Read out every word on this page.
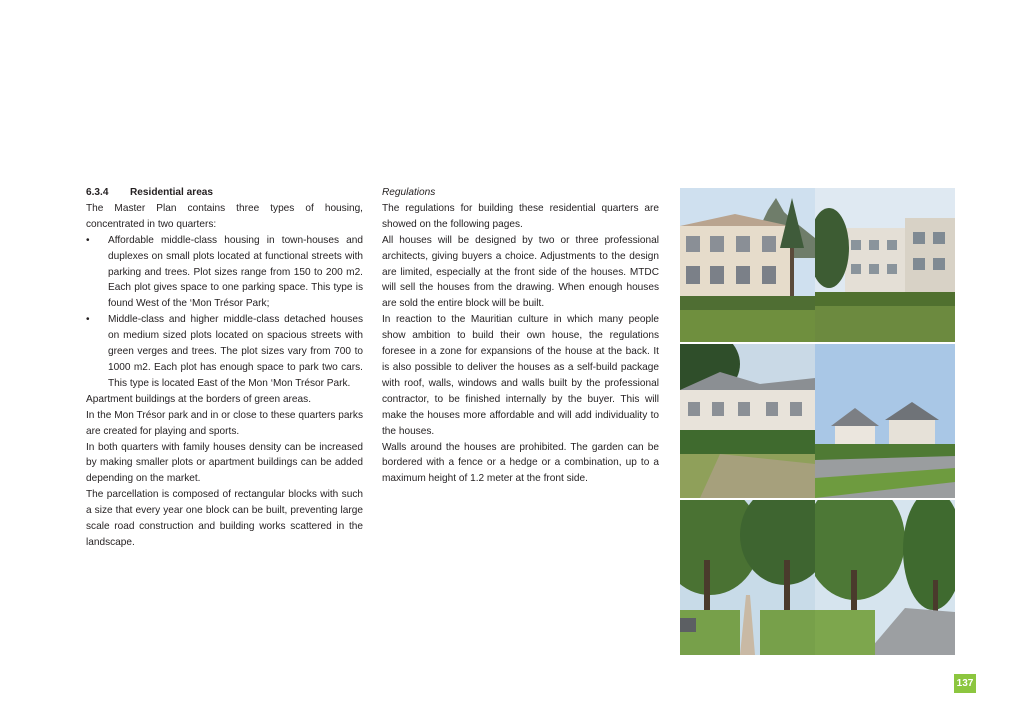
6.3.4 Residential areas

The Master Plan contains three types of housing, concentrated in two quarters:

• Affordable middle-class housing in town-houses and duplexes on small plots located at functional streets with parking and trees. Plot sizes range from 150 to 200 m2. Each plot gives space to one parking space. This type is found West of the ‘Mon Trésor Park;

• Middle-class and higher middle-class detached houses on medium sized plots located on spacious streets with green verges and trees. The plot sizes vary from 700 to 1000 m2. Each plot has enough space to park two cars. This type is located East of the Mon ‘Mon Trésor Park.

Apartment buildings at the borders of green areas.

In the Mon Trésor park and in or close to these quarters parks are created for playing and sports.

In both quarters with family houses density can be increased by making smaller plots or apartment buildings can be added depending on the market.

The parcellation is composed of rectangular blocks with such a size that every year one block can be built, preventing large scale road construction and building works scattered in the landscape.

Regulations

The regulations for building these residential quarters are showed on the following pages.

All houses will be designed by two or three professional architects, giving buyers a choice. Adjustments to the design are limited, especially at the front side of the houses. MTDC will sell the houses from the drawing. When enough houses are sold the entire block will be built.

In reaction to the Mauritian culture in which many people show ambition to build their own house, the regulations foresee in a zone for expansions of the house at the back. It is also possible to deliver the houses as a self-build package with roof, walls, windows and walls built by the professional contractor, to be finished internally by the buyer. This will make the houses more affordable and will add individuality to the houses.

Walls around the houses are prohibited. The garden can be bordered with a fence or a hedge or a combination, up to a maximum height of 1.2 meter at the front side.

137
